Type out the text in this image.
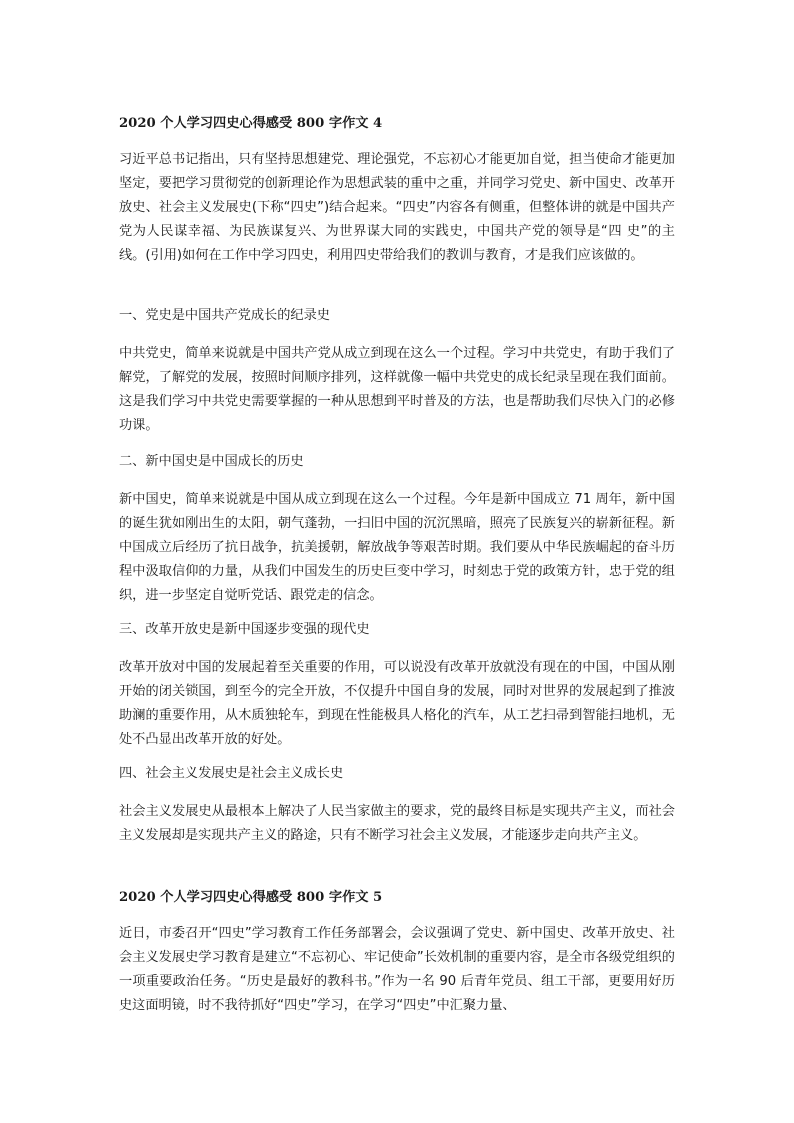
2020 个人学习四史心得感受 800 字作文 4

习近平总书记指出，只有坚持思想建党、理论强党，不忘初心才能更加自觉，担当使命才能更加坚定，要把学习贯彻党的创新理论作为思想武装的重中之重，并同学习党史、新中国史、改革开放史、社会主义发展史(下称“四史”)结合起来。“四史”内容各有侧重，但整体讲的就是中国共产党为人民谋幸福、为民族谋复兴、为世界谋大同的实践史，中国共产党的领导是“四 史”的主线。(引用)如何在工作中学习四史，利用四史带给我们的教训与教育，才是我们应该做的。

一、党史是中国共产党成长的纪录史

中共党史，简单来说就是中国共产党从成立到现在这么一个过程。学习中共党史，有助于我们了解党，了解党的发展，按照时间顺序排列，这样就像一幅中共党史的成长纪录呈现在我们面前。这是我们学习中共党史需要掌握的一种从思想到平时普及的方法，也是帮助我们尽快入门的必修功课。

二、新中国史是中国成长的历史

新中国史，简单来说就是中国从成立到现在这么一个过程。今年是新中国成立 71 周年，新中国的诞生犹如刚出生的太阳，朝气蓬勃，一扫旧中国的沉沉黑暗，照亮了民族复兴的崭新征程。新中国成立后经历了抗日战争，抗美援朝，解放战争等艰苦时期。我们要从中华民族崛起的奋斗历程中汲取信仰的力量，从我们中国发生的历史巨变中学习，时刻忠于党的政策方针，忠于党的组织，进一步坚定自觉听党话、跟党走的信念。

三、改革开放史是新中国逐步变强的现代史

改革开放对中国的发展起着至关重要的作用，可以说没有改革开放就没有现在的中国，中国从刚开始的闭关锁国，到至今的完全开放，不仅提升中国自身的发展，同时对世界的发展起到了推波助澜的重要作用，从木质独轮车，到现在性能极具人格化的汽车，从工艺扫帚到智能扫地机，无处不凸显出改革开放的好处。

四、社会主义发展史是社会主义成长史

社会主义发展史从最根本上解决了人民当家做主的要求，党的最终目标是实现共产主义，而社会主义发展却是实现共产主义的路途，只有不断学习社会主义发展，才能逐步走向共产主义。

2020 个人学习四史心得感受 800 字作文 5

近日，市委召开“四史”学习教育工作任务部署会，会议强调了党史、新中国史、改革开放史、社会主义发展史学习教育是建立“不忘初心、牢记使命”长效机制的重要内容，是全市各级党组织的一项重要政治任务。“历史是最好的教科书。”作为一名 90 后青年党员、组工干部，更要用好历史这面明镜，时不我待抓好“四史”学习，在学习“四史”中汇聚力量、
